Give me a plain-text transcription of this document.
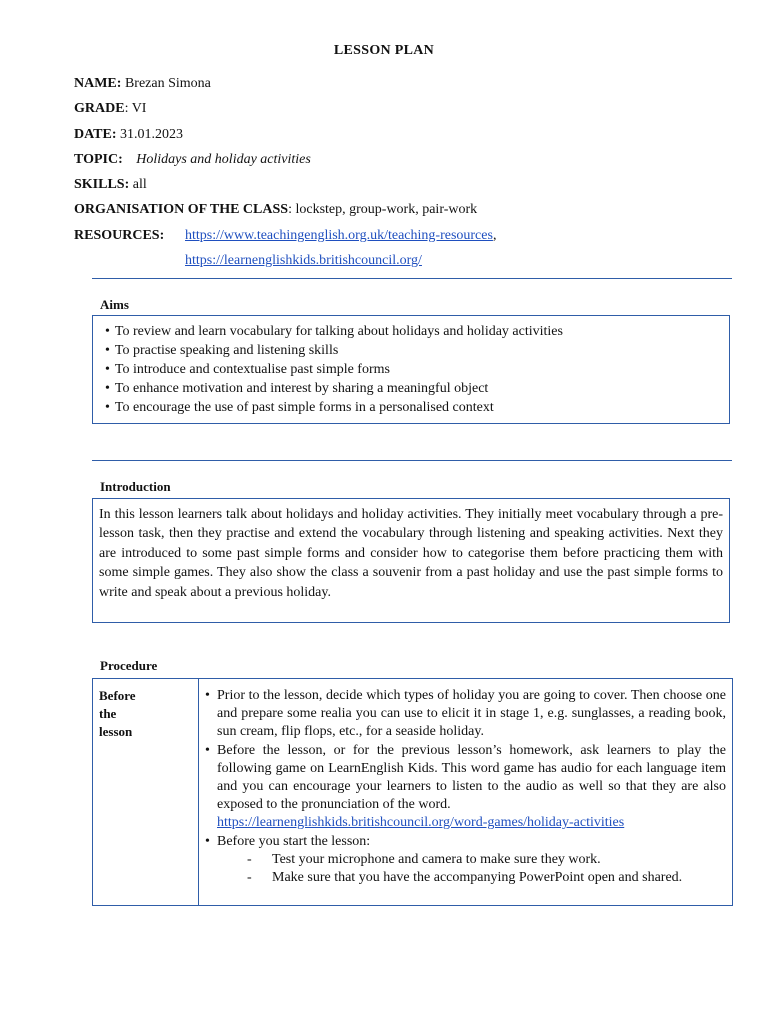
LESSON PLAN
NAME: Brezan Simona
GRADE: VI
DATE: 31.01.2023
TOPIC: Holidays and holiday activities
SKILLS: all
ORGANISATION OF THE CLASS: lockstep, group-work, pair-work
RESOURCES: https://www.teachingenglish.org.uk/teaching-resources,
https://learnenglishkids.britishcouncil.org/
Aims
• To review and learn vocabulary for talking about holidays and holiday activities
• To practise speaking and listening skills
• To introduce and contextualise past simple forms
• To enhance motivation and interest by sharing a meaningful object
• To encourage the use of past simple forms in a personalised context
Introduction

In this lesson learners talk about holidays and holiday activities. They initially meet vocabulary through a pre-lesson task, then they practise and extend the vocabulary through listening and speaking activities. Next they are introduced to some past simple forms and consider how to categorise them before practicing them with some simple games. They also show the class a souvenir from a past holiday and use the past simple forms to write and speak about a previous holiday.

Procedure
Before
the
lesson
• Prior to the lesson, decide which types of holiday you are going to cover. Then choose one and prepare some realia you can use to elicit it in stage 1, e.g. sunglasses, a reading book, sun cream, flip flops, etc., for a seaside holiday.
• Before the lesson, or for the previous lesson’s homework, ask learners to play the following game on LearnEnglish Kids. This word game has audio for each language item and you can encourage your learners to listen to the audio as well so that they are also exposed to the pronunciation of the word.
https://learnenglishkids.britishcouncil.org/word-games/holiday-activities
• Before you start the lesson:
- Test your microphone and camera to make sure they work.
- Make sure that you have the accompanying PowerPoint open and shared.
